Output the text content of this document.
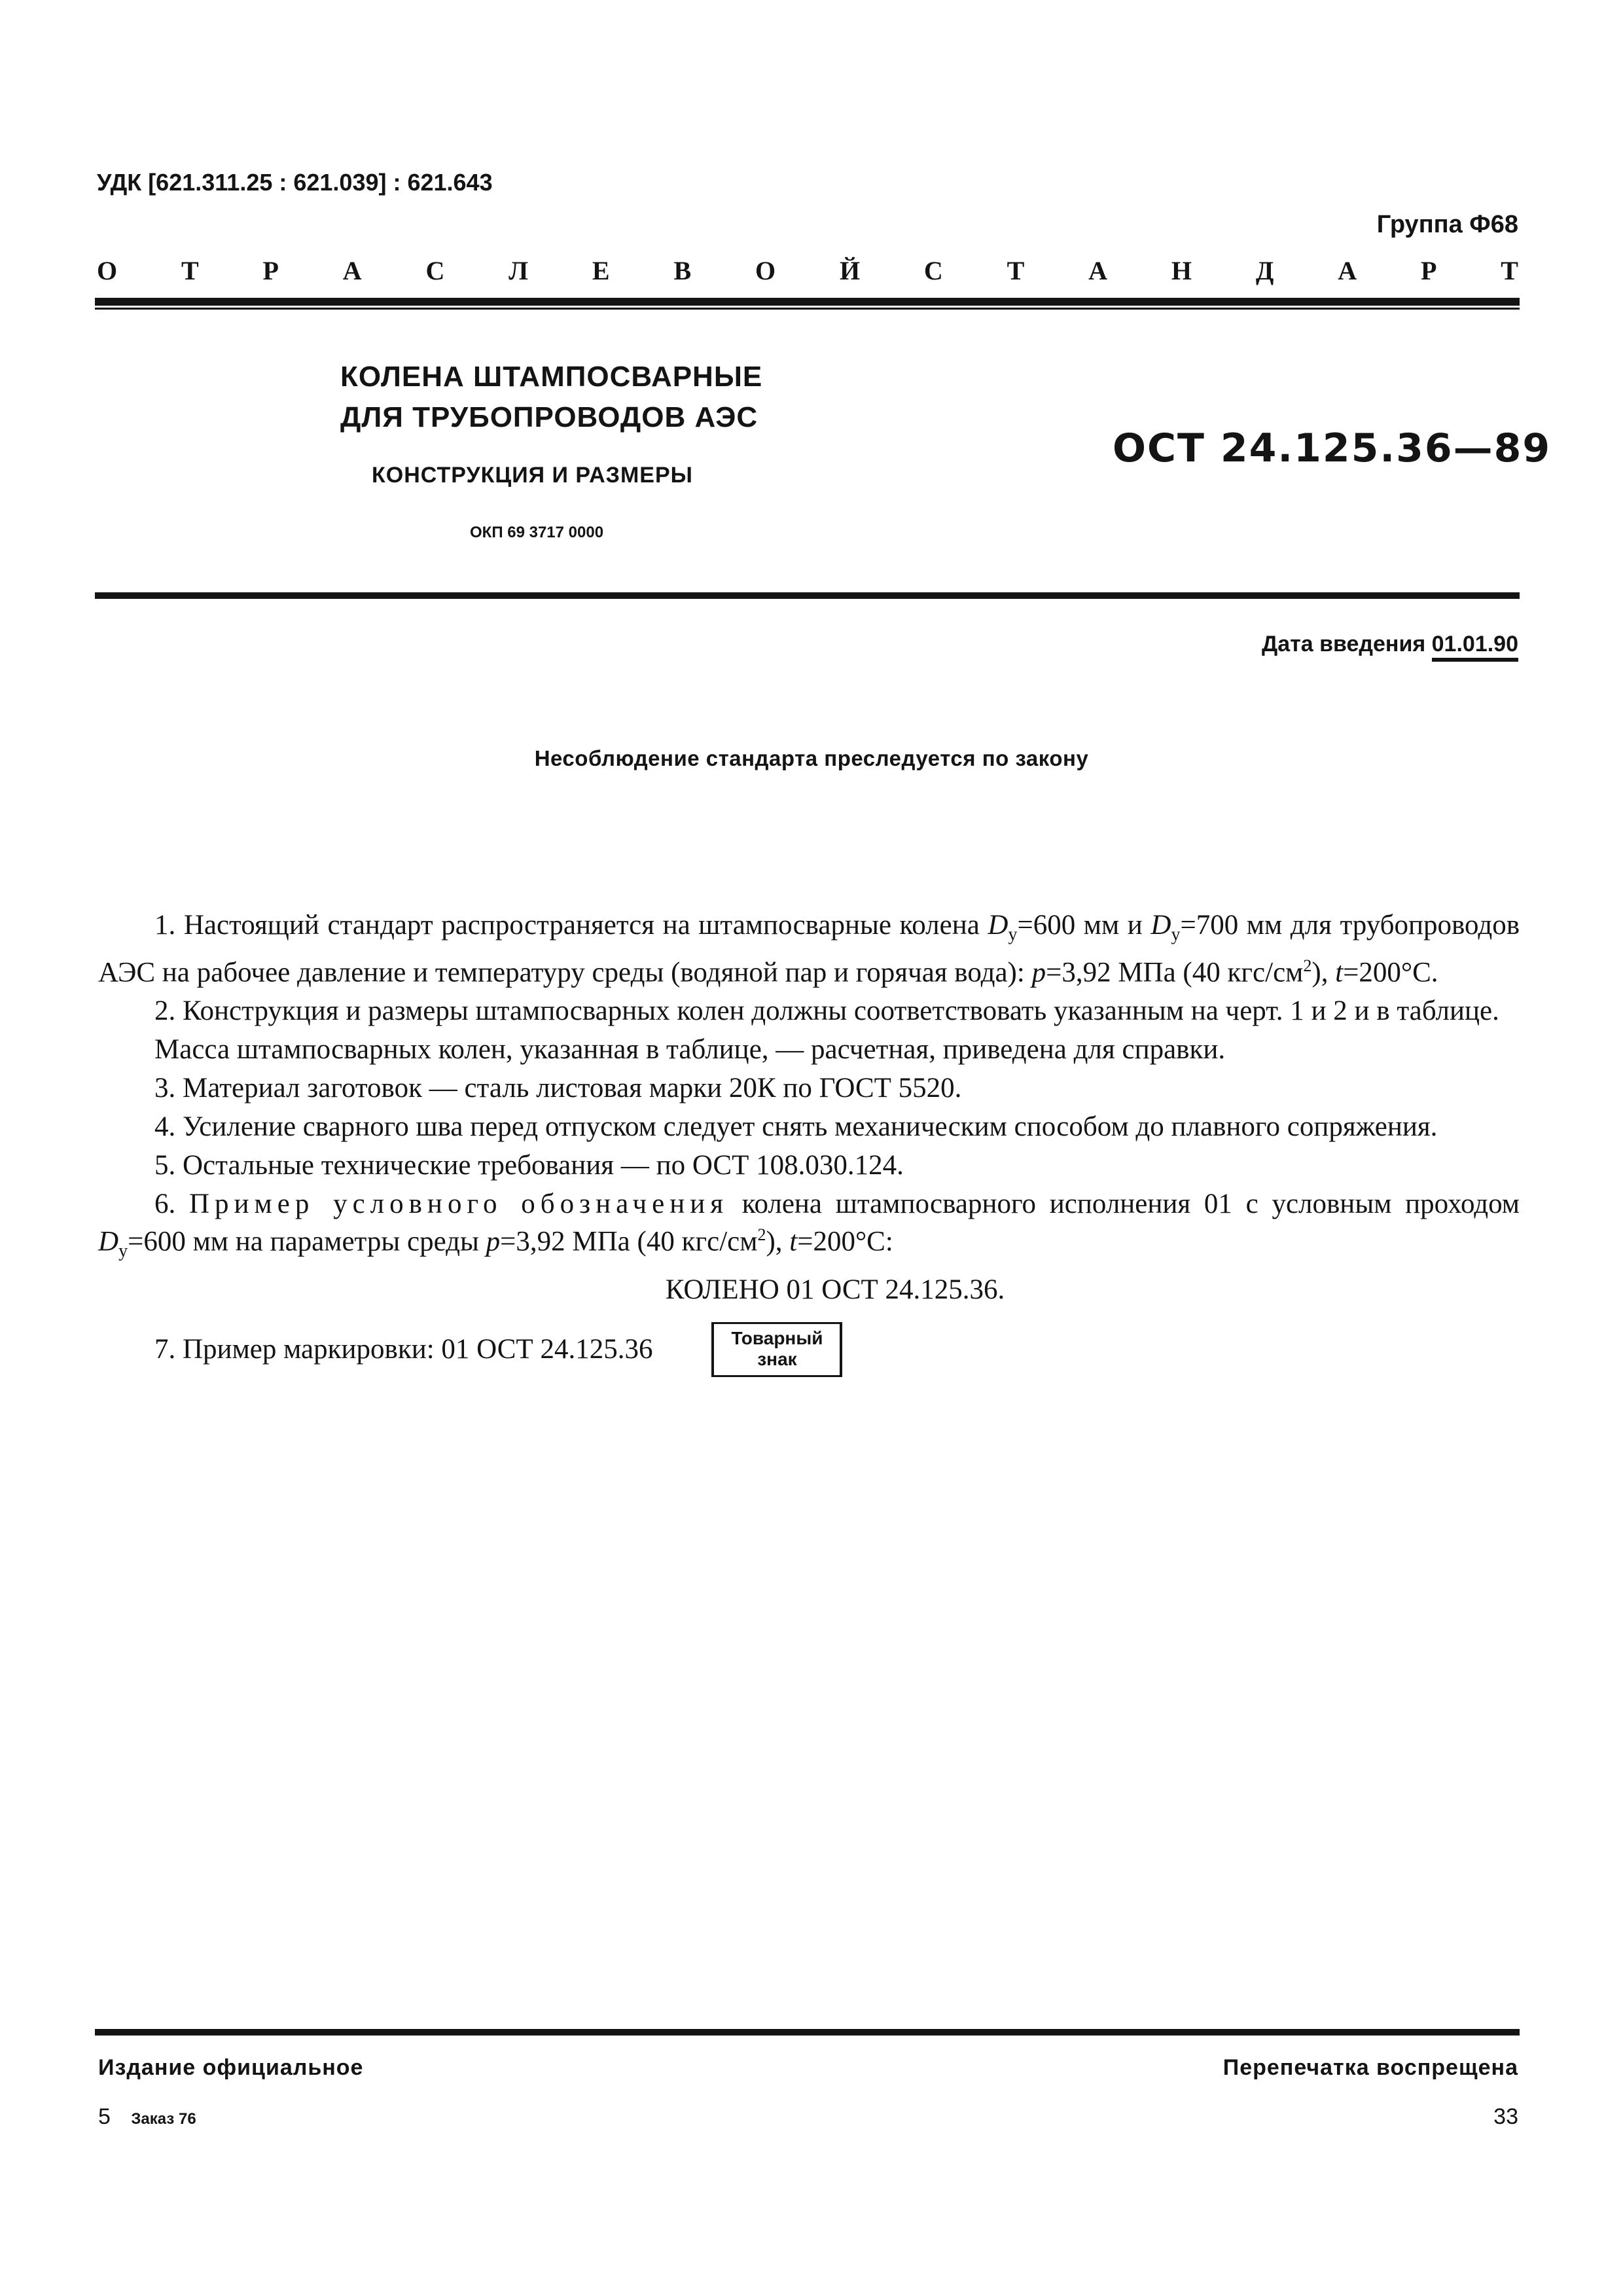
УДК [621.311.25 : 621.039] : 621.643
Группа Ф68
О Т Р А С Л Е В О Й С Т А Н Д А Р Т
КОЛЕНА ШТАМПОСВАРНЫЕ
ДЛЯ ТРУБОПРОВОДОВ АЭС
КОНСТРУКЦИЯ И РАЗМЕРЫ
ОКП 69 3717 0000
ОСТ 24.125.36—89
Дата введения 01.01.90
Несоблюдение стандарта преследуется по закону

1. Настоящий стандарт распространяется на штампосварные колена $D_у=600$ мм и $D_у=700$ мм для трубопроводов АЭС на рабочее давление и температуру среды (водяной пар и горячая вода): p=3,92 МПа (40 кгс/$см^2$), t=200°С.

2. Конструкция и размеры штампосварных колен должны соответствовать указанным на черт. 1 и 2 и в таблице.

Масса штампосварных колен, указанная в таблице, — расчетная, приведена для справки.

3. Материал заготовок — сталь листовая марки 20К по ГОСТ 5520.

4. Усиление сварного шва перед отпуском следует снять механическим способом до плавного сопряжения.

5. Остальные технические требования — по ОСТ 108.030.124.

6. Пример условного обозначения колена штампосварного исполнения 01 с условным проходом $D_у=600$ мм на параметры среды p=3,92 МПа (40 кгс/$см^2$), t=200°С:

КОЛЕНО 01 ОСТ 24.125.36.

7. Пример маркировки: 01 ОСТ 24.125.36	Товарный
знак

Издание официальное	Перепечатка воспрещена
5 Заказ 76	33
